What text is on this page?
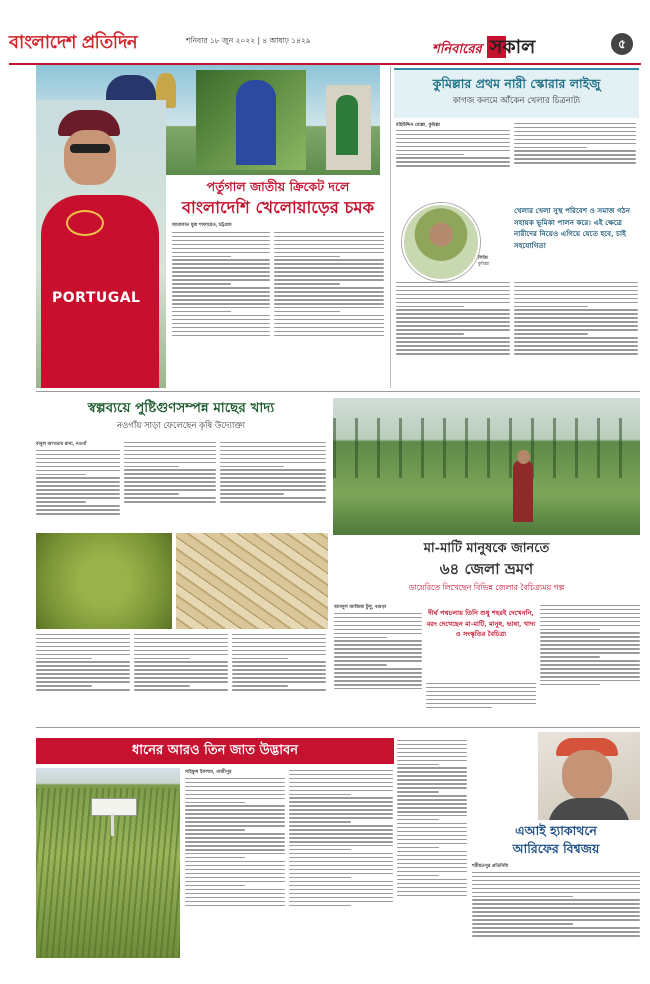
বাংলাদেশ প্রতিদিন	শনিবার ১৮ জুন ২০২২ | ৪ আষাঢ় ১৪২৯
শনিবারের সকাল	৫
PORTUGAL
পর্তুগাল জাতীয় ক্রিকেট দলে
বাংলাদেশি খেলোয়াড়ের চমক
আরাফাত মুন্না শাফায়েত, চট্টগ্রাম
কুমিল্লার প্রথম নারী স্কোরার লাইজু
কাগজ কলমে আঁকেন খেলার চিত্রনাট্য
মহিউদ্দিন মোল্লা, কুমিল্লা
খেলার খেলা সুস্থ পরিবেশ ও সমাজ গঠন সহায়ক ভূমিকা পালন করে। এই ক্ষেত্রে নারীদের নিয়েও এগিয়ে যেতে হবে, চাই সহযোগিতা
লিজি
কুমিল্লা
স্বল্পব্যয়ে পুষ্টিগুণসম্পন্ন মাছের খাদ্য
নওগাঁয় সাড়া ফেলেছেন কৃষি উদ্যোক্তা
বাবুল আখতার রানা, নওগাঁ
মা-মাটি মানুষকে জানতে
৬৪ জেলা ভ্রমণ
ডায়েরিতে লিখেছেন বিভিন্ন জেলার বৈচিত্র্যময় গল্প
আবদুল আজিজ টুলু, বগুড়া
দীর্ঘ পথচলায় তিনি শুধু শহরই দেখেননি, বরং দেখেছেন মা-মাটি, মানুষ, ভাষা, খাদ্য ও সংস্কৃতির বৈচিত্র্য
ধানের আরও তিন জাত উদ্ভাবন
সাইফুল ইসলাম, গাজীপুর
এআই হ্যাকাথনে
আরিফের বিশ্বজয়
শরীয়তপুর প্রতিনিধি
